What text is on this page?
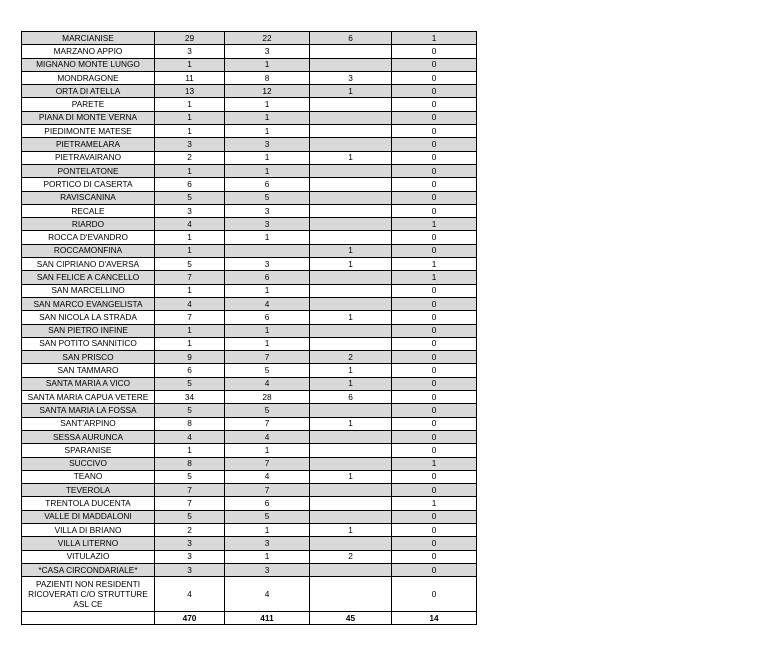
MARCIANISE	29	22	6	1
MARZANO APPIO	3	3		0
MIGNANO MONTE LUNGO	1	1		0
MONDRAGONE	11	8	3	0
ORTA DI ATELLA	13	12	1	0
PARETE	1	1		0
PIANA DI MONTE VERNA	1	1		0
PIEDIMONTE MATESE	1	1		0
PIETRAMELARA	3	3		0
PIETRAVAIRANO	2	1	1	0
PONTELATONE	1	1		0
PORTICO DI CASERTA	6	6		0
RAVISCANINA	5	5		0
RECALE	3	3		0
RIARDO	4	3		1
ROCCA D'EVANDRO	1	1		0
ROCCAMONFINA	1		1	0
SAN CIPRIANO D'AVERSA	5	3	1	1
SAN FELICE A CANCELLO	7	6		1
SAN MARCELLINO	1	1		0
SAN MARCO EVANGELISTA	4	4		0
SAN NICOLA LA STRADA	7	6	1	0
SAN PIETRO INFINE	1	1		0
SAN POTITO SANNITICO	1	1		0
SAN PRISCO	9	7	2	0
SAN TAMMARO	6	5	1	0
SANTA MARIA A VICO	5	4	1	0
SANTA MARIA CAPUA VETERE	34	28	6	0
SANTA MARIA LA FOSSA	5	5		0
SANT'ARPINO	8	7	1	0
SESSA AURUNCA	4	4		0
SPARANISE	1	1		0
SUCCIVO	8	7		1
TEANO	5	4	1	0
TEVEROLA	7	7		0
TRENTOLA DUCENTA	7	6		1
VALLE DI MADDALONI	5	5		0
VILLA DI BRIANO	2	1	1	0
VILLA LITERNO	3	3		0
VITULAZIO	3	1	2	0
*CASA CIRCONDARIALE*	3	3		0
PAZIENTI NON RESIDENTI RICOVERATI C/O STRUTTURE ASL CE	4	4		0
	470	411	45	14
